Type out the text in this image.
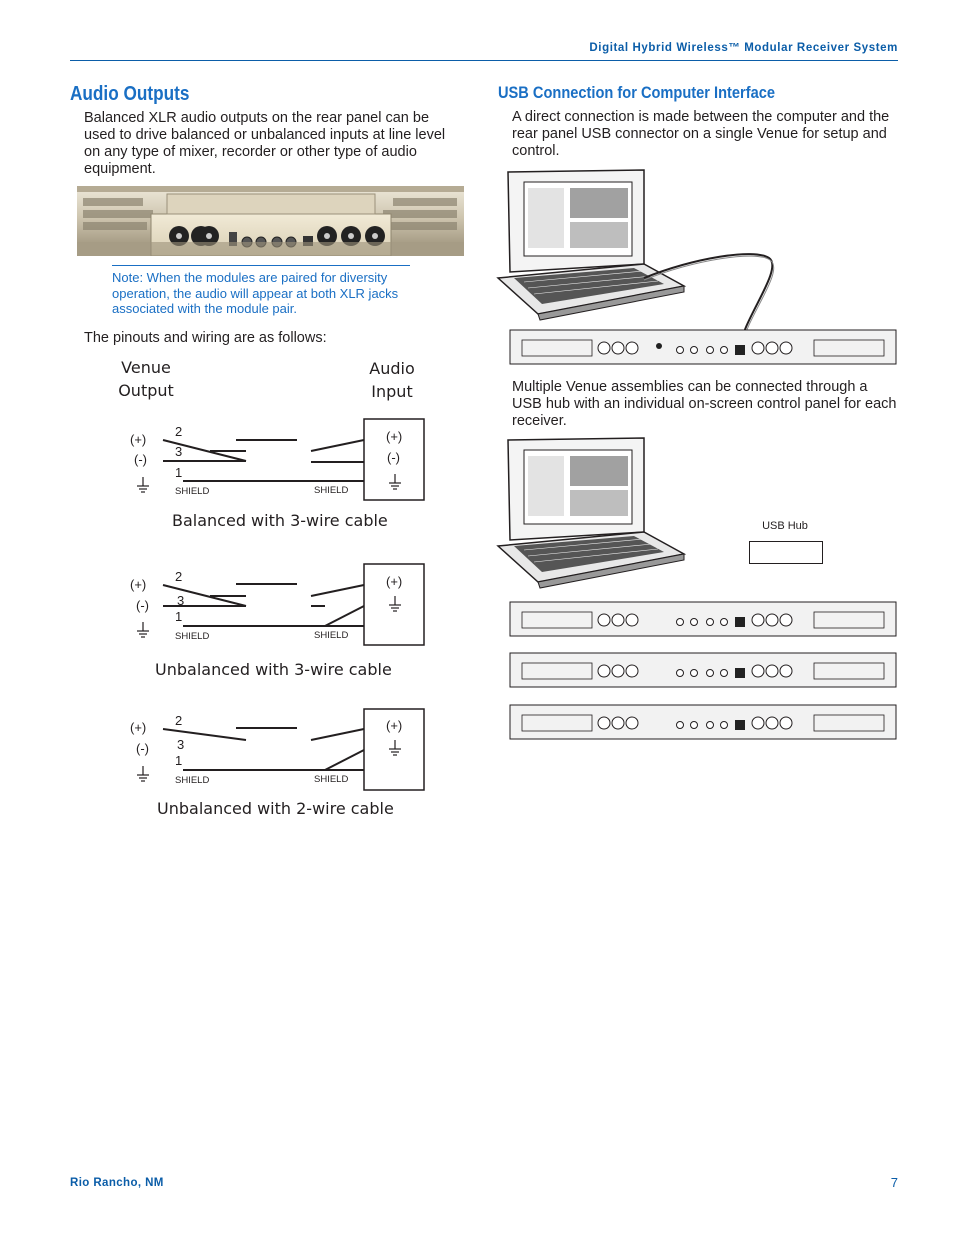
Digital Hybrid Wireless™ Modular Receiver System
Audio Outputs
Balanced XLR audio outputs on the rear panel can be used to drive balanced or unbalanced inputs at line level on any type of mixer, recorder or other type of audio equipment.
Note: When the modules are paired for diversity operation, the audio will appear at both XLR jacks associated with the module pair.
The pinouts and wiring are as follows:
Venue
Output
Audio
Input
(+)
(-)
2
3
1
SHIELD	SHIELD
(+)
(-)
Balanced with 3-wire cable
(+)
(-)
2
3
1
SHIELD	SHIELD
(+)
Unbalanced with 3-wire cable
(+)
(-)
2
3
1
SHIELD	SHIELD
(+)
Unbalanced with 2-wire cable
USB Connection for Computer Interface
A direct connection is made between the computer and the rear panel USB connector on a single Venue for setup and control.
Multiple Venue assemblies can be connected through a USB hub with an individual on-screen control panel for each receiver.
USB Hub
Rio Rancho, NM	7
